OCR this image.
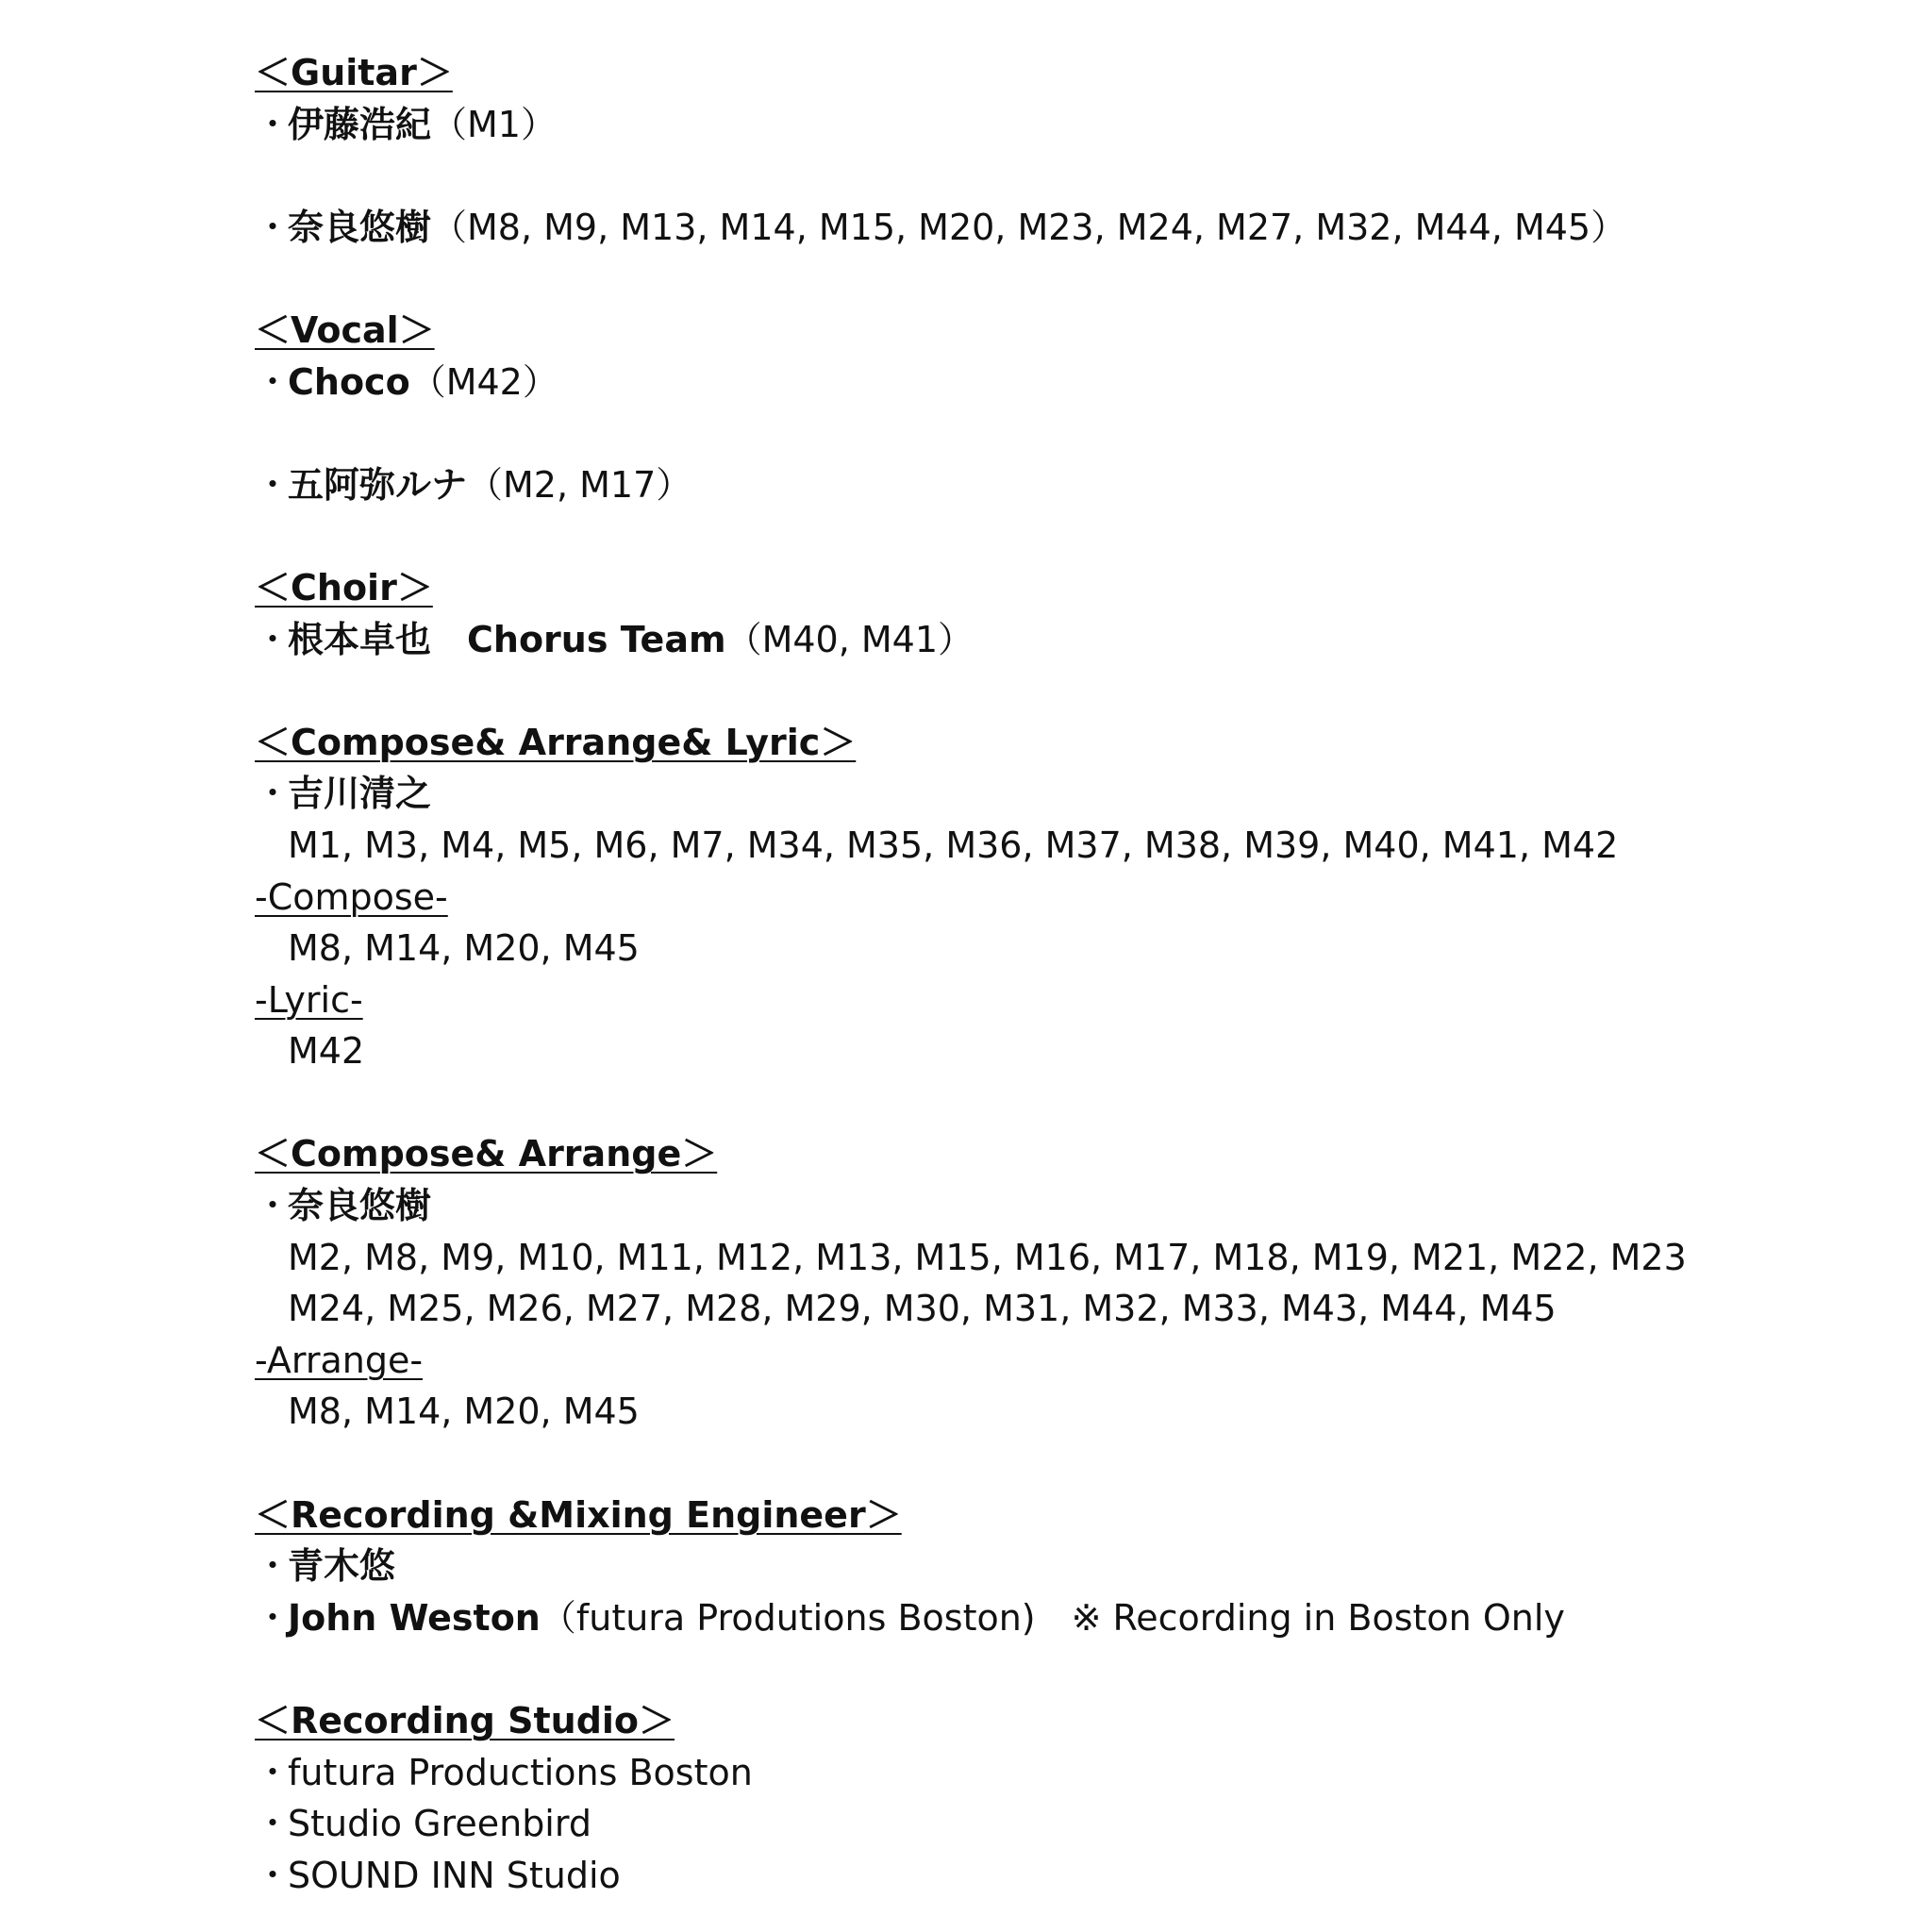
＜Guitar＞
・伊藤浩紀（M1）
・奈良悠樹（M8, M9, M13, M14, M15, M20, M23, M24, M27, M32, M44, M45）
＜Vocal＞
・Choco（M42）
・五阿弥ルナ（M2, M17）
＜Choir＞
・根本卓也　Chorus Team（M40, M41）
＜Compose& Arrange& Lyric＞
・吉川清之
M1, M3, M4, M5, M6, M7, M34, M35, M36, M37, M38, M39, M40, M41, M42
-Compose-
M8, M14, M20, M45
-Lyric-
M42
＜Compose& Arrange＞
・奈良悠樹
M2, M8, M9, M10, M11, M12, M13, M15, M16, M17, M18, M19, M21, M22, M23
M24, M25, M26, M27, M28, M29, M30, M31, M32, M33, M43, M44, M45
-Arrange-
M8, M14, M20, M45
＜Recording &Mixing Engineer＞
・青木悠
・John Weston（futura Produtions Boston)　※ Recording in Boston Only
＜Recording Studio＞
・futura Productions Boston
・Studio Greenbird
・SOUND INN Studio
